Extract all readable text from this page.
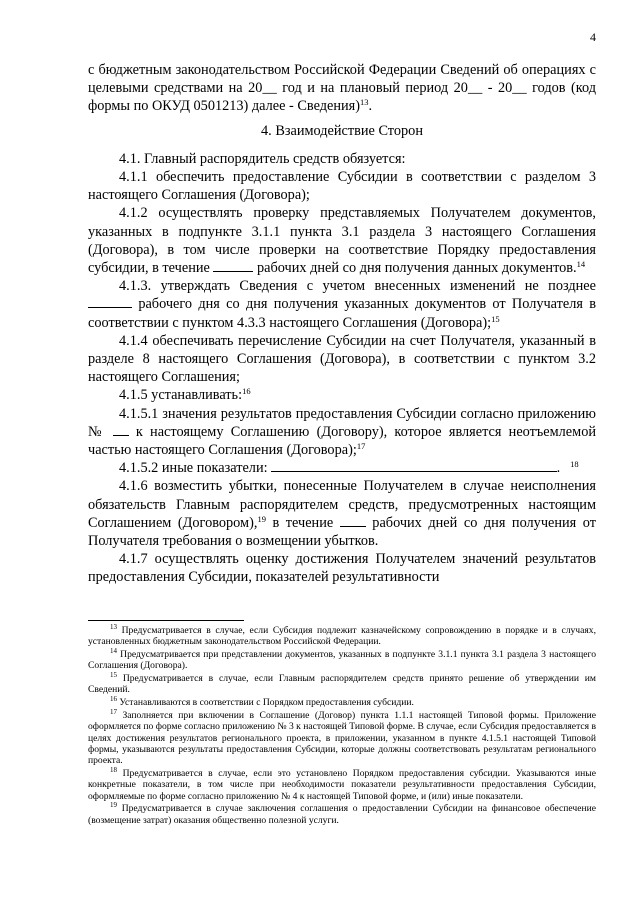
4

с бюджетным законодательством Российской Федерации Сведений об операциях с целевыми средствами на 20__ год и на плановый период 20__ - 20__ годов (код формы по ОКУД 0501213) далее - Сведения)$^{13}$.

4. Взаимодействие Сторон

4.1. Главный распорядитель средств обязуется:

4.1.1 обеспечить предоставление Субсидии в соответствии с разделом 3 настоящего Соглашения (Договора);

4.1.2 осуществлять проверку представляемых Получателем документов, указанных в подпункте 3.1.1 пункта 3.1 раздела 3 настоящего Соглашения (Договора), в том числе проверки на соответствие Порядку предоставления субсидии, в течение	рабочих дней со дня получения данных документов.$^{14}$

4.1.3. утверждать Сведения с учетом внесенных изменений не позднее  рабочего дня со дня получения указанных документов от Получателя в соответствии с пунктом 4.3.3 настоящего Соглашения (Договора);$^{15}$

4.1.4 обеспечивать перечисление Субсидии на счет Получателя, указанный в разделе 8 настоящего Соглашения (Договора), в соответствии с пунктом 3.2 настоящего Соглашения;

4.1.5 устанавливать:$^{16}$

4.1.5.1 значения результатов предоставления Субсидии согласно приложению № к настоящему Соглашению (Договору), которое является неотъемлемой частью настоящего Соглашения (Договора);$^{17}$

4.1.5.2 иные показатели:	. $^{18}$

4.1.6 возместить убытки, понесенные Получателем в случае неисполнения обязательств Главным распорядителем средств, предусмотренных настоящим Соглашением (Договором),$^{19}$ в течение	рабочих дней со дня получения от Получателя требования о возмещении убытков.

4.1.7 осуществлять оценку достижения Получателем значений результатов предоставления Субсидии, показателей результативности

$^{13}$ Предусматривается в случае, если Субсидия подлежит казначейскому сопровождению в порядке и в случаях, установленных бюджетным законодательством Российской Федерации.

$^{14}$ Предусматривается при представлении документов, указанных в подпункте 3.1.1 пункта 3.1 раздела 3 настоящего Соглашения (Договора).

$^{15}$ Предусматривается в случае, если Главным распорядителем средств принято решение об утверждении им Сведений.

$^{16}$ Устанавливаются в соответствии с Порядком предоставления субсидии.

$^{17}$ Заполняется при включении в Соглашение (Договор) пункта 1.1.1 настоящей Типовой формы. Приложение оформляется по форме согласно приложению № 3 к настоящей Типовой форме. В случае, если Субсидия предоставляется в целях достижения результатов регионального проекта, в приложении, указанном в пункте 4.1.5.1 настоящей Типовой формы, указываются результаты предоставления Субсидии, которые должны соответствовать результатам регионального проекта.

$^{18}$ Предусматривается в случае, если это установлено Порядком предоставления субсидии. Указываются иные конкретные показатели, в том числе при необходимости показатели результативности предоставления Субсидии, оформляемые по форме согласно приложению № 4 к настоящей Типовой форме, и (или) иные показатели.

$^{19}$ Предусматривается в случае заключения соглашения о предоставлении Субсидии на финансовое обеспечение (возмещение затрат) оказания общественно полезной услуги.
